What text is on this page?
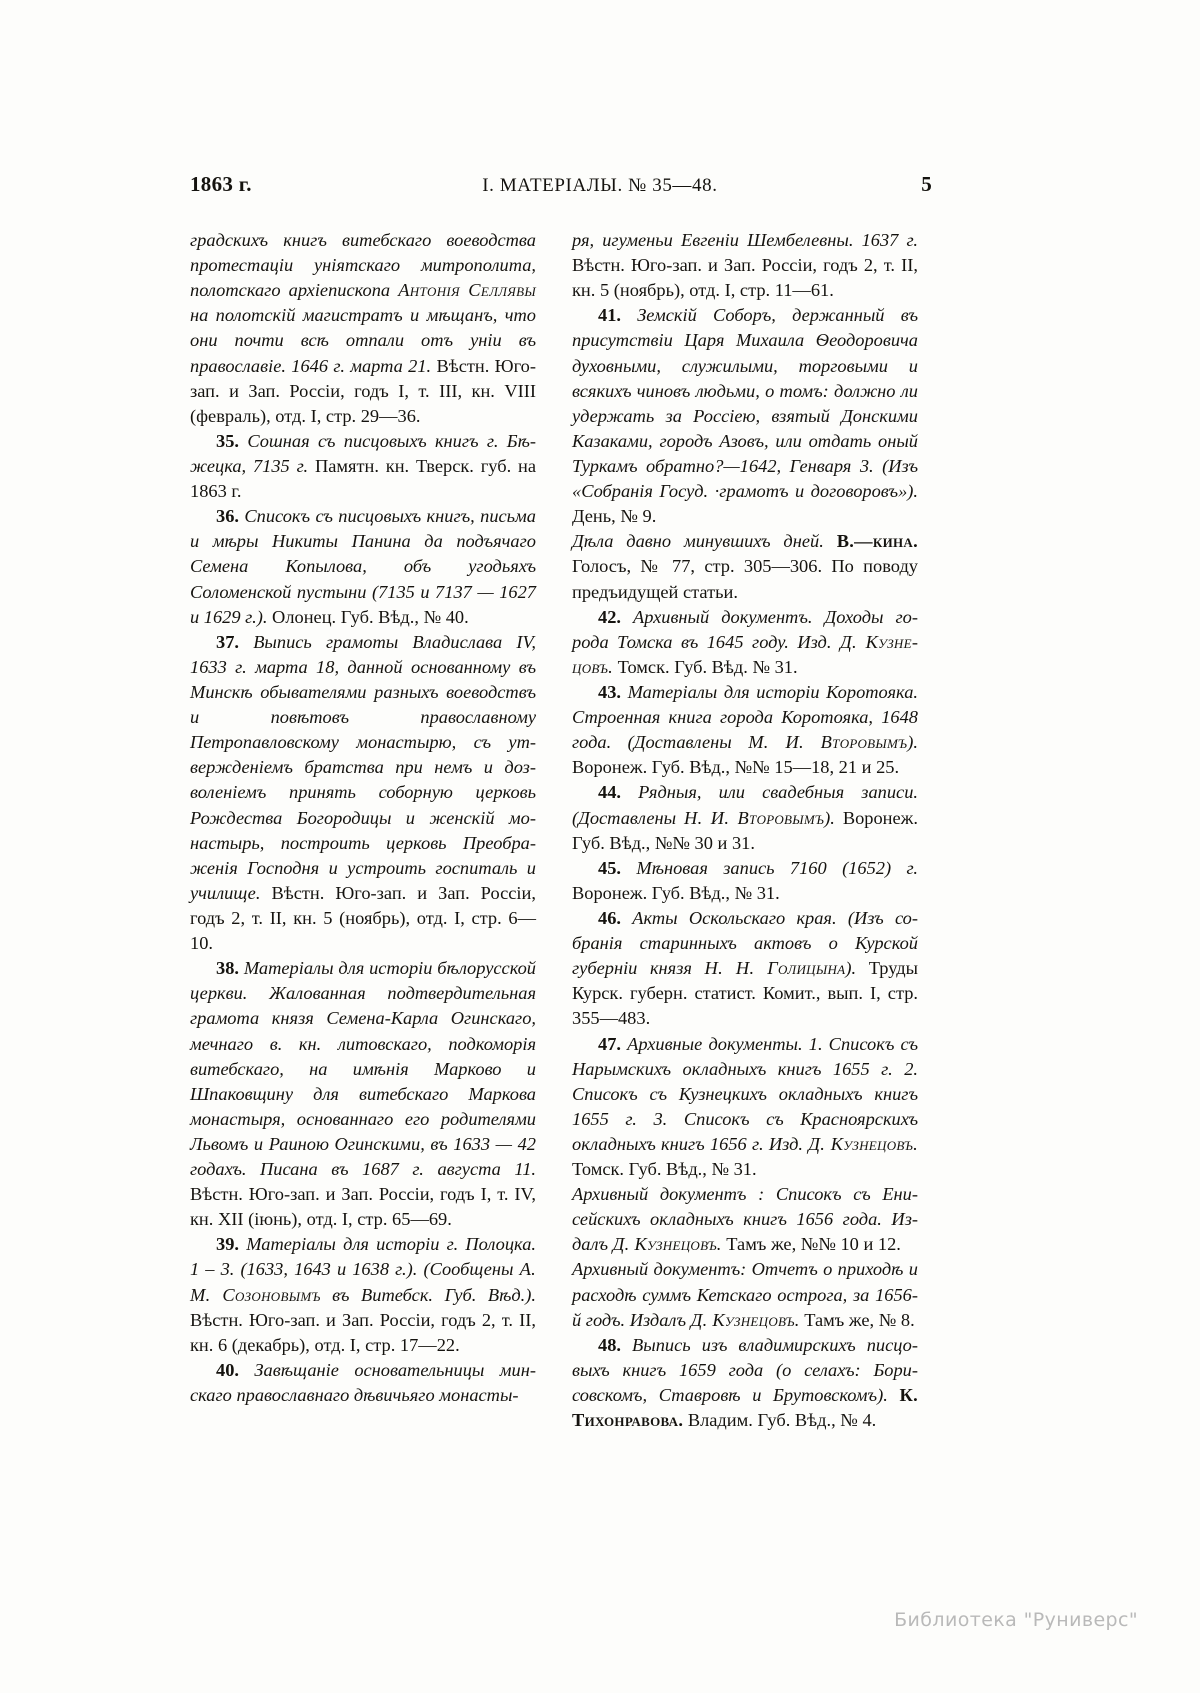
1863 г.	I. МАТЕРІАЛЫ. № 35—48.	5

градскихъ книгъ витебскаго воеводства протестаціи уніятскаго митрополита, полотскаго архіепископа Антонія Селлявы на полотскій магистратъ и мѣщанъ, что они почти всѣ отпали отъ уніи въ православіе. 1646 г. марта 21. Вѣстн. Юго-зап. и Зап. Россіи, годъ I, т. III, кн. VIII (февраль), отд. I, стр. 29—36.

35. Сошная съ писцовыхъ книгъ г. Бѣжецка, 7135 г. Памятн. кн. Тверск. губ. на 1863 г.

36. Списокъ съ писцовыхъ книгъ, письма и мѣры Никиты Панина да подъячаго Семена Копылова, объ угодьяхъ Соломенской пустыни (7135 и 7137 — 1627 и 1629 г.). Олонец. Губ. Вѣд., № 40.

37. Выпись грамоты Владислава IV, 1633 г. марта 18, данной основанному въ Минскѣ обывателями разныхъ воеводствъ и повѣтовъ православному Петропавловскому монастырю, съ утвержденіемъ братства при немъ и дозволеніемъ принять соборную церковь Рождества Богородицы и женскій монастырь, построить церковь Преображенія Господня и устроить госпиталь и училище. Вѣстн. Юго-зап. и Зап. Россіи, годъ 2, т. II, кн. 5 (ноябрь), отд. I, стр. 6—10.

38. Матеріалы для исторіи бѣлорусской церкви. Жалованная подтвердительная грамота князя Семена-Карла Огинскаго, мечнаго в. кн. литовскаго, подкоморія витебскаго, на имѣнія Марково и Шпаковщину для витебскаго Маркова монастыря, основаннаго его родителями Львомъ и Раиною Огинскими, въ 1633 — 42 годахъ. Писана въ 1687 г. августа 11. Вѣстн. Юго-зап. и Зап. Россіи, годъ I, т. IV, кн. XII (іюнь), отд. I, стр. 65—69.

39. Матеріалы для исторіи г. Полоцка. 1 – 3. (1633, 1643 и 1638 г.). (Сообщены А. М. Созоновымъ въ Витебск. Губ. Вѣд.). Вѣстн. Юго-зап. и Зап. Россіи, годъ 2, т. II, кн. 6 (декабрь), отд. I, стр. 17—22.

40. Завѣщаніе основательницы минскаго православнаго дѣвичьяго монасты-

ря, игуменьи Евгеніи Шембелевны. 1637 г. Вѣстн. Юго-зап. и Зап. Россіи, годъ 2, т. II, кн. 5 (ноябрь), отд. I, стр. 11—61.

41. Земскій Соборъ, держанный въ присутствіи Царя Михаила Ѳеодоровича духовными, служилыми, торговыми и всякихъ чиновъ людьми, о томъ: должно ли удержать за Россіею, взятый Донскими Казаками, городъ Азовъ, или отдать оный Туркамъ обратно?—1642, Генваря 3. (Изъ «Собранія Госуд. ·грамотъ и договоровъ»). День, № 9.

Дѣла давно минувшихъ дней. В.—кина. Голосъ, № 77, стр. 305—306. По поводу предъидущей статьи.

42. Архивный документъ. Доходы города Томска въ 1645 году. Изд. Д. Кузнецовъ. Томск. Губ. Вѣд. № 31.

43. Матеріалы для исторіи Коротояка. Строенная книга города Коротояка, 1648 года. (Доставлены М. И. Второвымъ). Воронеж. Губ. Вѣд., №№ 15—18, 21 и 25.

44. Рядныя, или свадебныя записи. (Доставлены Н. И. Второвымъ). Воронеж. Губ. Вѣд., №№ 30 и 31.

45. Мѣновая запись 7160 (1652) г. Воронеж. Губ. Вѣд., № 31.

46. Акты Оскольскаго края. (Изъ собранія старинныхъ актовъ о Курской губерніи князя Н. Н. Голицына). Труды Курск. губерн. статист. Комит., вып. I, стр. 355—483.

47. Архивные документы. 1. Списокъ съ Нарымскихъ окладныхъ книгъ 1655 г. 2. Списокъ съ Кузнецкихъ окладныхъ книгъ 1655 г. 3. Списокъ съ Красноярскихъ окладныхъ книгъ 1656 г. Изд. Д. Кузнецовъ. Томск. Губ. Вѣд., № 31.

Архивный документъ : Списокъ съ Енисейскихъ окладныхъ книгъ 1656 года. Издалъ Д. Кузнецовъ. Тамъ же, №№ 10 и 12.

Архивный документъ: Отчетъ о приходѣ и расходѣ суммъ Кетскаго острога, за 1656-й годъ. Издалъ Д. Кузнецовъ. Тамъ же, № 8.

48. Выпись изъ владимирскихъ писцовыхъ книгъ 1659 года (о селахъ: Борисовскомъ, Ставровѣ и Брутовскомъ). К. Тихонравова. Владим. Губ. Вѣд., № 4.

Библиотека "Руниверс"
